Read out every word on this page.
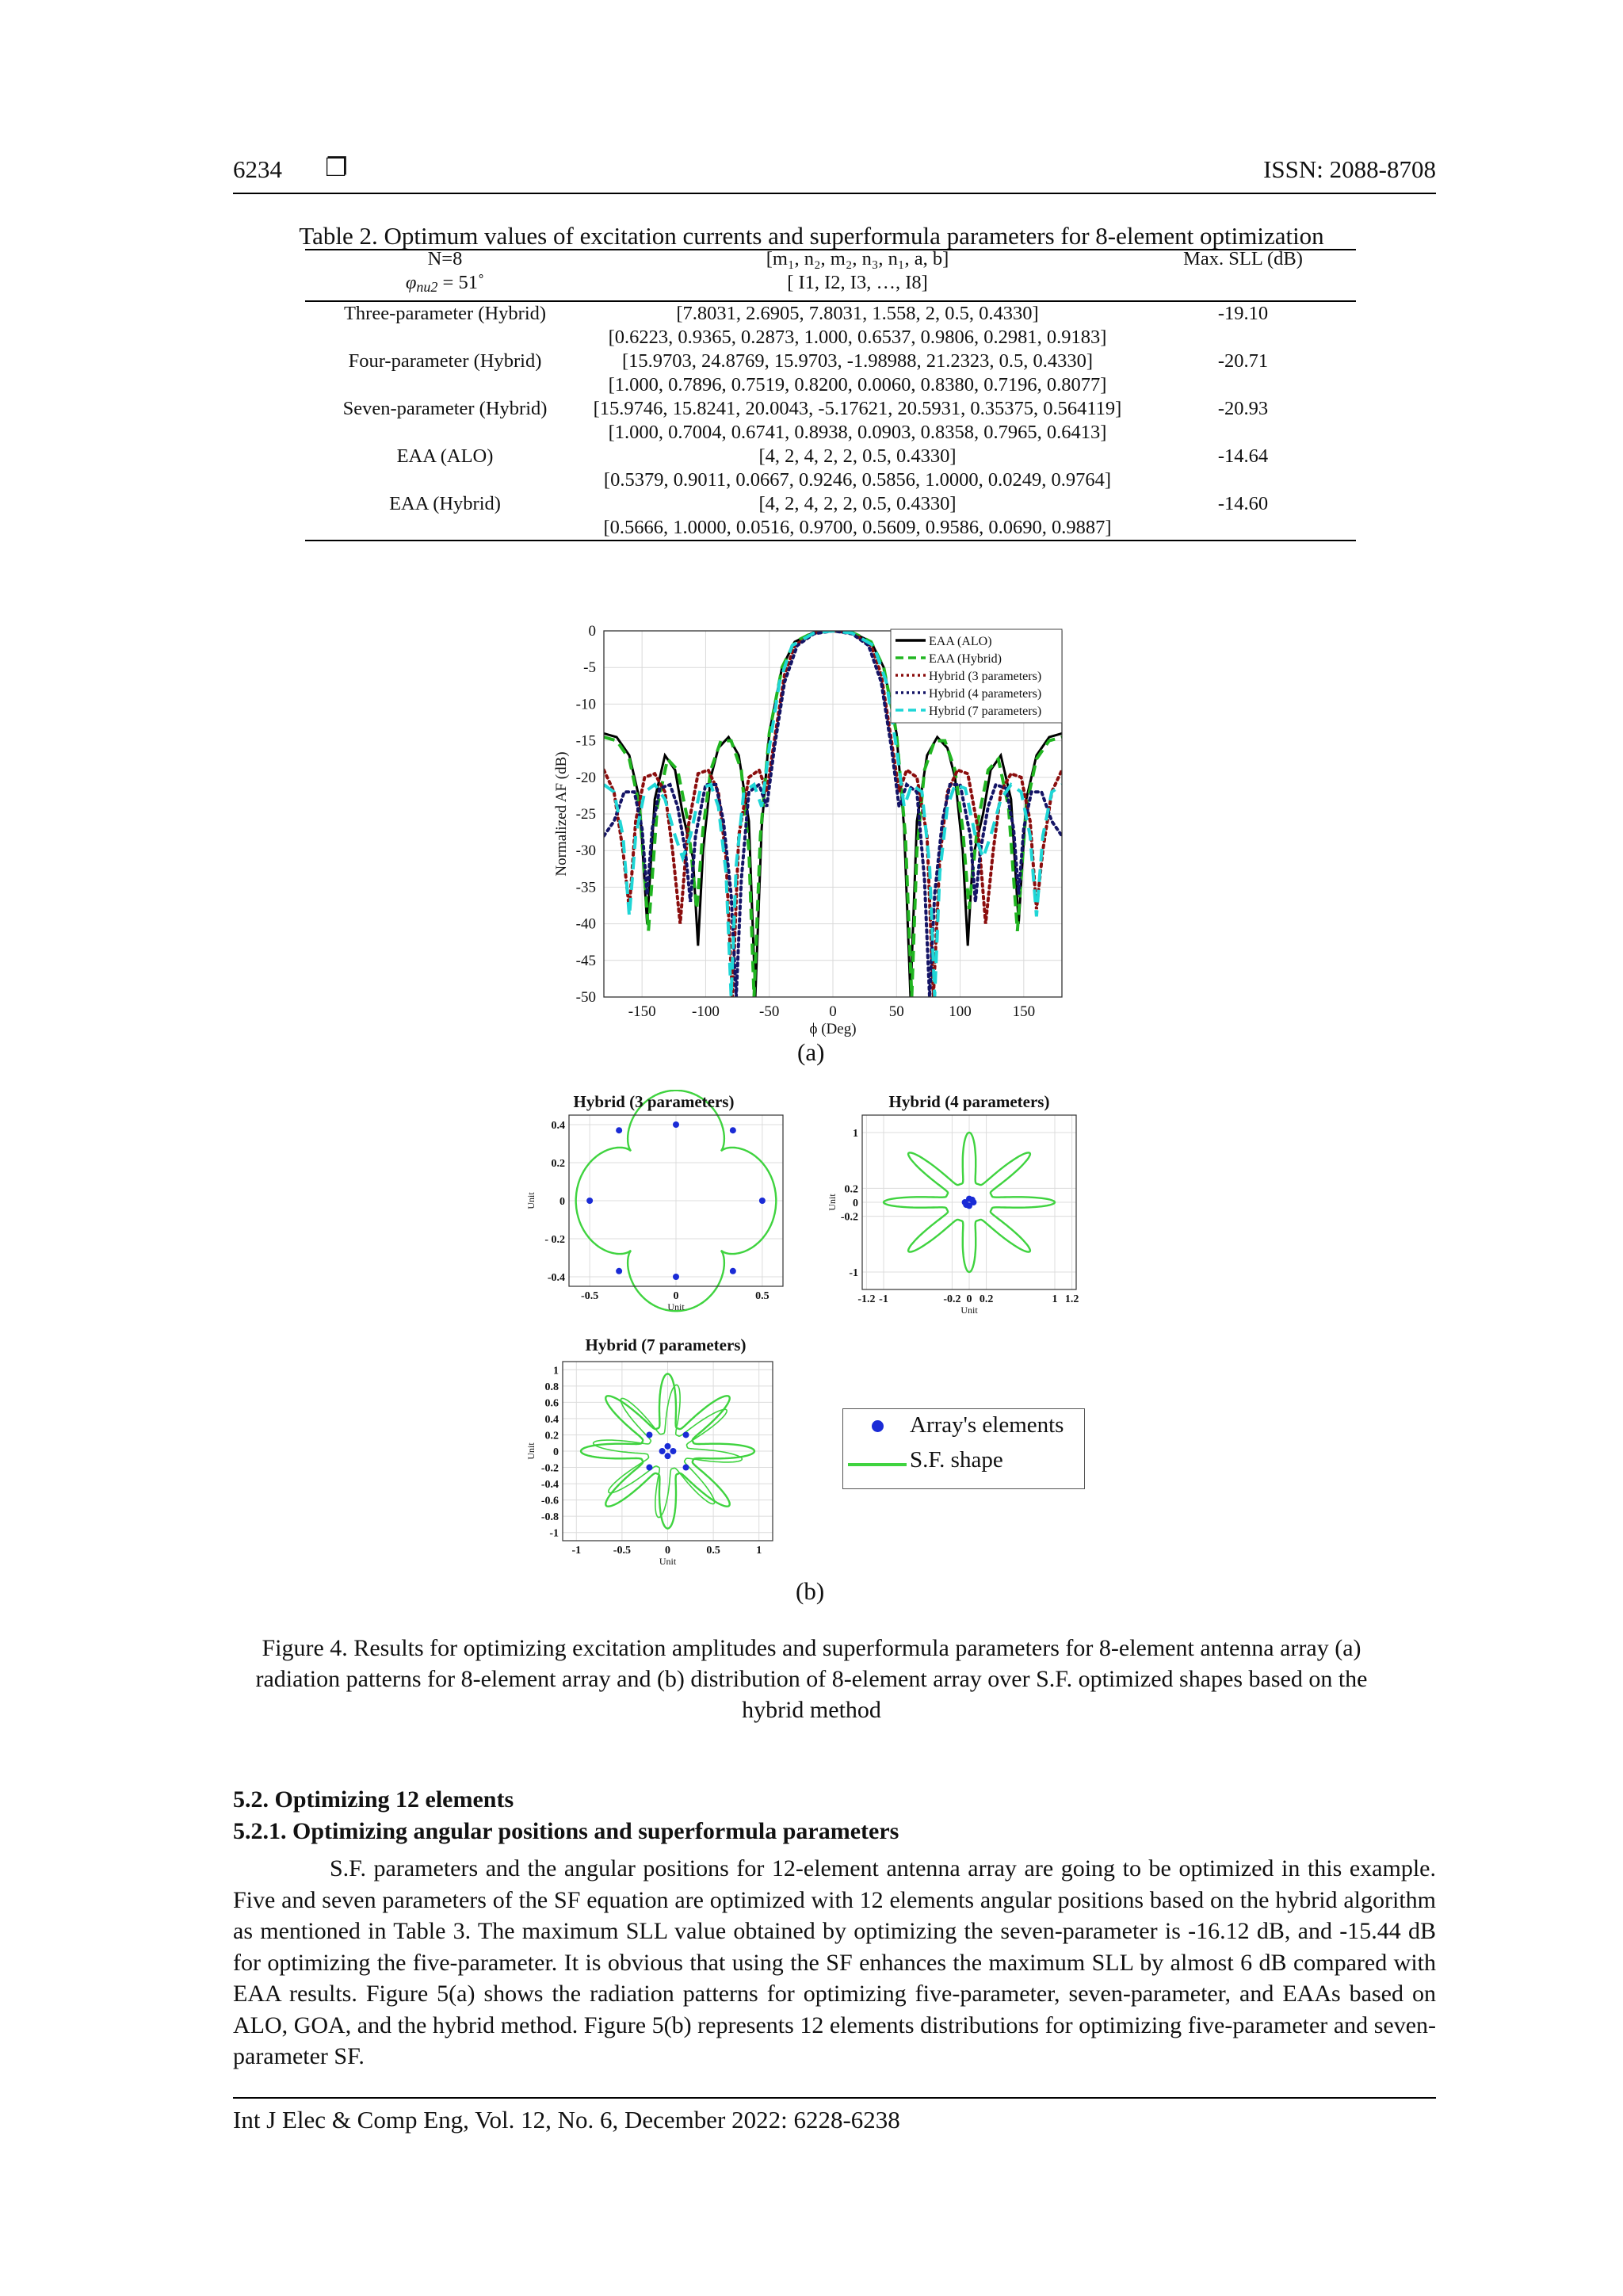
6234 ❐	ISSN: 2088-8708
Table 2. Optimum values of excitation currents and superformula parameters for 8-element optimization
N=8	[m₁, n₂, m₂, n₃, n₁, a, b]	Max. SLL (dB)
$\varphi_{nu2}$ = 51˚	[ I1, I2, I3, …, I8]	
Three-parameter (Hybrid)	[7.8031, 2.6905, 7.8031, 1.558, 2, 0.5, 0.4330]	-19.10
	[0.6223, 0.9365, 0.2873, 1.000, 0.6537, 0.9806, 0.2981, 0.9183]	
Four-parameter (Hybrid)	[15.9703, 24.8769, 15.9703, -1.98988, 21.2323, 0.5, 0.4330]	-20.71
	[1.000, 0.7896, 0.7519, 0.8200, 0.0060, 0.8380, 0.7196, 0.8077]	
Seven-parameter (Hybrid)	[15.9746, 15.8241, 20.0043, -5.17621, 20.5931, 0.35375, 0.564119]	-20.93
	[1.000, 0.7004, 0.6741, 0.8938, 0.0903, 0.8358, 0.7965, 0.6413]	
EAA (ALO)	[4, 2, 4, 2, 2, 0.5, 0.4330]	-14.64
	[0.5379, 0.9011, 0.0667, 0.9246, 0.5856, 1.0000, 0.0249, 0.9764]	
EAA (Hybrid)	[4, 2, 4, 2, 2, 0.5, 0.4330]	-14.60
	[0.5666, 1.0000, 0.0516, 0.9700, 0.5609, 0.9586, 0.0690, 0.9887]	
-150 -100	-50	0	50	100	150
0
-5
-10
-15
-20
-25
-30
-35
-40
-45
-50
ϕ (Deg)
Normalized AF (dB)
EAA (ALO)
EAA (Hybrid)
Hybrid (3 parameters)
Hybrid (4 parameters)
Hybrid (7 parameters)
(a)
-0.5	0	0.5
0.4
0.2
0
- 0.2
-0.4
Hybrid (3 parameters)
Unit
Unit
-1.2 -1	-0.2 0 0.2	1 1.2
1
0.2
0
-0.2
-1
Hybrid (4 parameters)
Unit
Unit
-1	-0.5	0	0.5	1
1
0.8
0.6
0.4
0.2
0
-0.2
-0.4
-0.6
-0.8
-1
Hybrid (7 parameters)
Unit
Unit
Array's elements
S.F. shape
(b)
Figure 4. Results for optimizing excitation amplitudes and superformula parameters for 8-element antenna array (a) radiation patterns for 8-element array and (b) distribution of 8-element array over S.F. optimized shapes based on the hybrid method
5.2. Optimizing 12 elements
5.2.1. Optimizing angular positions and superformula parameters
S.F. parameters and the angular positions for 12-element antenna array are going to be optimized in this example. Five and seven parameters of the SF equation are optimized with 12 elements angular positions based on the hybrid algorithm as mentioned in Table 3. The maximum SLL value obtained by optimizing the seven-parameter is -16.12 dB, and -15.44 dB for optimizing the five-parameter. It is obvious that using the SF enhances the maximum SLL by almost 6 dB compared with EAA results. Figure 5(a) shows the radiation patterns for optimizing five-parameter, seven-parameter, and EAAs based on ALO, GOA, and the hybrid method. Figure 5(b) represents 12 elements distributions for optimizing five-parameter and seven-parameter SF.
Int J Elec & Comp Eng, Vol. 12, No. 6, December 2022: 6228-6238
